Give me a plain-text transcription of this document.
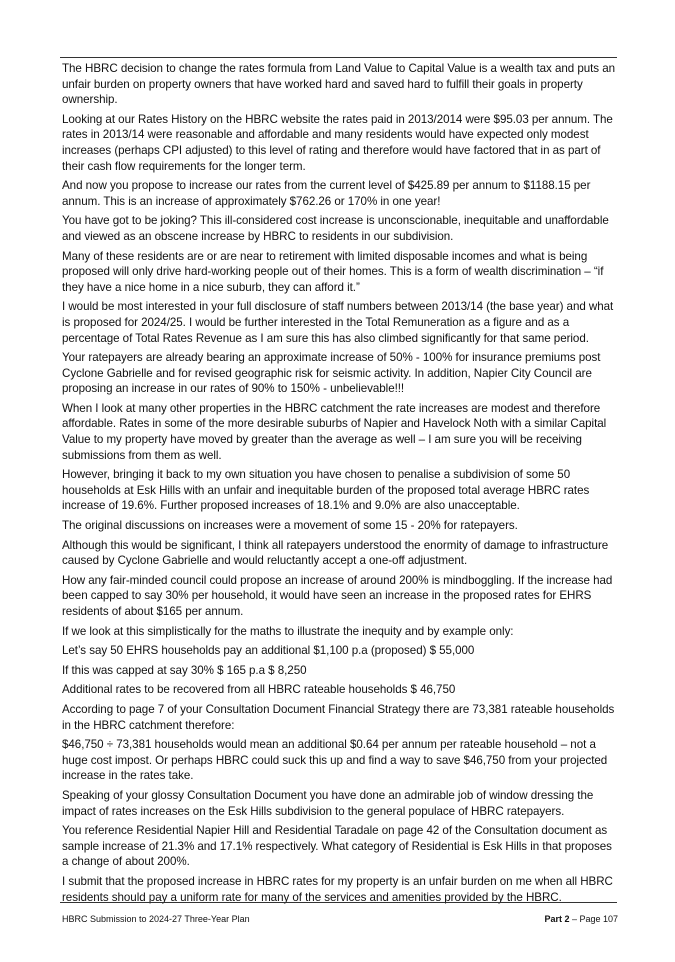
The HBRC decision to change the rates formula from Land Value to Capital Value is a wealth tax and puts an unfair burden on property owners that have worked hard and saved hard to fulfill their goals in property ownership.

Looking at our Rates History on the HBRC website the rates paid in 2013/2014 were $95.03 per annum. The rates in 2013/14 were reasonable and affordable and many residents would have expected only modest increases (perhaps CPI adjusted) to this level of rating and therefore would have factored that in as part of their cash flow requirements for the longer term.

And now you propose to increase our rates from the current level of $425.89 per annum to $1188.15 per annum. This is an increase of approximately $762.26 or 170% in one year!

You have got to be joking? This ill-considered cost increase is unconscionable, inequitable and unaffordable and viewed as an obscene increase by HBRC to residents in our subdivision.

Many of these residents are or are near to retirement with limited disposable incomes and what is being proposed will only drive hard-working people out of their homes. This is a form of wealth discrimination – “if they have a nice home in a nice suburb, they can afford it.”

I would be most interested in your full disclosure of staff numbers between 2013/14 (the base year) and what is proposed for 2024/25. I would be further interested in the Total Remuneration as a figure and as a percentage of Total Rates Revenue as I am sure this has also climbed significantly for that same period.

Your ratepayers are already bearing an approximate increase of 50% - 100% for insurance premiums post Cyclone Gabrielle and for revised geographic risk for seismic activity. In addition, Napier City Council are proposing an increase in our rates of 90% to 150% - unbelievable!!!

When I look at many other properties in the HBRC catchment the rate increases are modest and therefore affordable. Rates in some of the more desirable suburbs of Napier and Havelock Noth with a similar Capital Value to my property have moved by greater than the average as well – I am sure you will be receiving submissions from them as well.

However, bringing it back to my own situation you have chosen to penalise a subdivision of some 50 households at Esk Hills with an unfair and inequitable burden of the proposed total average HBRC rates increase of 19.6%. Further proposed increases of 18.1% and 9.0% are also unacceptable.

The original discussions on increases were a movement of some 15 - 20% for ratepayers.

Although this would be significant, I think all ratepayers understood the enormity of damage to infrastructure caused by Cyclone Gabrielle and would reluctantly accept a one-off adjustment.

How any fair-minded council could propose an increase of around 200% is mindboggling. If the increase had been capped to say 30% per household, it would have seen an increase in the proposed rates for EHRS residents of about $165 per annum.

If we look at this simplistically for the maths to illustrate the inequity and by example only:

Let’s say 50 EHRS households pay an additional $1,100 p.a (proposed) $ 55,000

If this was capped at say 30% $ 165 p.a $ 8,250

Additional rates to be recovered from all HBRC rateable households $ 46,750

According to page 7 of your Consultation Document Financial Strategy there are 73,381 rateable households in the HBRC catchment therefore:

$46,750 ÷ 73,381 households would mean an additional $0.64 per annum per rateable household – not a huge cost impost. Or perhaps HBRC could suck this up and find a way to save $46,750 from your projected increase in the rates take.

Speaking of your glossy Consultation Document you have done an admirable job of window dressing the impact of rates increases on the Esk Hills subdivision to the general populace of HBRC ratepayers.

You reference Residential Napier Hill and Residential Taradale on page 42 of the Consultation document as sample increase of 21.3% and 17.1% respectively. What category of Residential is Esk Hills in that proposes a change of about 200%.

I submit that the proposed increase in HBRC rates for my property is an unfair burden on me when all HBRC residents should pay a uniform rate for many of the services and amenities provided by the HBRC.

HBRC Submission to 2024-27 Three-Year Plan	Part 2 – Page 107
